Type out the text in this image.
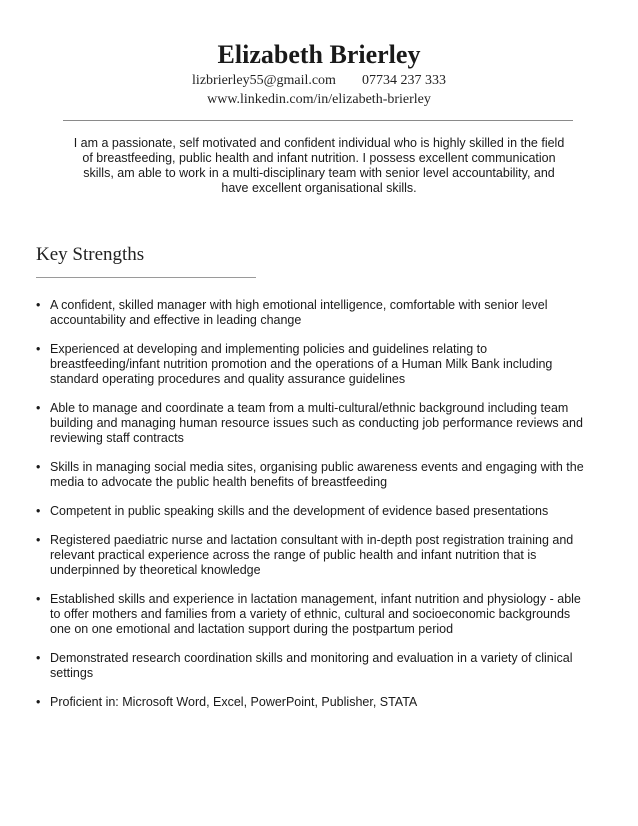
Elizabeth Brierley
lizbrierley55@gmail.com 07734 237 333
www.linkedin.com/in/elizabeth-brierley
I am a passionate, self motivated and confident individual who is highly skilled in the field of breastfeeding, public health and infant nutrition. I possess excellent communication skills, am able to work in a multi-disciplinary team with senior level accountability, and have excellent organisational skills.
Key Strengths
• A confident, skilled manager with high emotional intelligence, comfortable with senior level accountability and effective in leading change
• Experienced at developing and implementing policies and guidelines relating to breastfeeding/infant nutrition promotion and the operations of a Human Milk Bank including standard operating procedures and quality assurance guidelines
• Able to manage and coordinate a team from a multi-cultural/ethnic background including team building and managing human resource issues such as conducting job performance reviews and reviewing staff contracts
• Skills in managing social media sites, organising public awareness events and engaging with the media to advocate the public health benefits of breastfeeding
• Competent in public speaking skills and the development of evidence based presentations
• Registered paediatric nurse and lactation consultant with in-depth post registration training and relevant practical experience across the range of public health and infant nutrition that is underpinned by theoretical knowledge
• Established skills and experience in lactation management, infant nutrition and physiology - able to offer mothers and families from a variety of ethnic, cultural and socioeconomic backgrounds one on one emotional and lactation support during the postpartum period
• Demonstrated research coordination skills and monitoring and evaluation in a variety of clinical settings
• Proficient in: Microsoft Word, Excel, PowerPoint, Publisher, STATA
